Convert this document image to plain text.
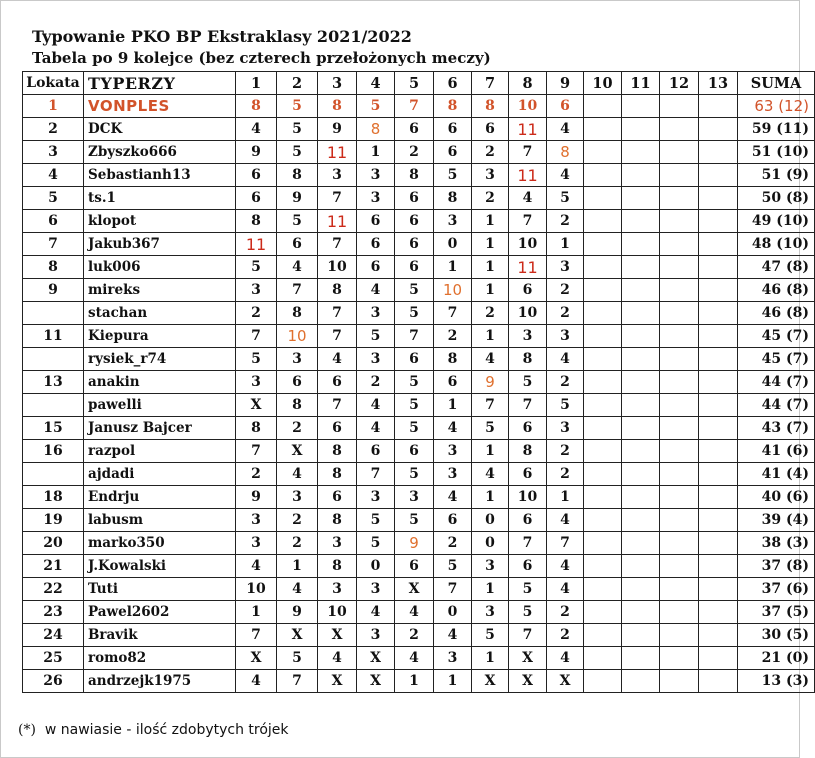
Typowanie PKO BP Ekstraklasy 2021/2022
Tabela po 9 kolejce (bez czterech przełożonych meczy)
Lokata	TYPERZY	1	2	3	4	5	6	7	8	9	10	11	12	13	SUMA
1	VONPLES	8	5	8	5	7	8	8	10	6					63 (12)
2	DCK	4	5	9	8	6	6	6	11	4					59 (11)
3	Zbyszko666	9	5	11	1	2	6	2	7	8					51 (10)
4	Sebastianh13	6	8	3	3	8	5	3	11	4					51 (9)
5	ts.1	6	9	7	3	6	8	2	4	5					50 (8)
6	klopot	8	5	11	6	6	3	1	7	2					49 (10)
7	Jakub367	11	6	7	6	6	0	1	10	1					48 (10)
8	luk006	5	4	10	6	6	1	1	11	3					47 (8)
9	mireks	3	7	8	4	5	10	1	6	2					46 (8)
	stachan	2	8	7	3	5	7	2	10	2					46 (8)
11	Kiepura	7	10	7	5	7	2	1	3	3					45 (7)
	rysiek_r74	5	3	4	3	6	8	4	8	4					45 (7)
13	anakin	3	6	6	2	5	6	9	5	2					44 (7)
	pawelli	X	8	7	4	5	1	7	7	5					44 (7)
15	Janusz Bajcer	8	2	6	4	5	4	5	6	3					43 (7)
16	razpol	7	X	8	6	6	3	1	8	2					41 (6)
	ajdadi	2	4	8	7	5	3	4	6	2					41 (4)
18	Endrju	9	3	6	3	3	4	1	10	1					40 (6)
19	labusm	3	2	8	5	5	6	0	6	4					39 (4)
20	marko350	3	2	3	5	9	2	0	7	7					38 (3)
21	J.Kowalski	4	1	8	0	6	5	3	6	4					37 (8)
22	Tuti	10	4	3	3	X	7	1	5	4					37 (6)
23	Pawel2602	1	9	10	4	4	0	3	5	2					37 (5)
24	Bravik	7	X	X	3	2	4	5	7	2					30 (5)
25	romo82	X	5	4	X	4	3	1	X	4					21 (0)
26	andrzejk1975	4	7	X	X	1	1	X	X	X					13 (3)
(*) w nawiasie - ilość zdobytych trójek
